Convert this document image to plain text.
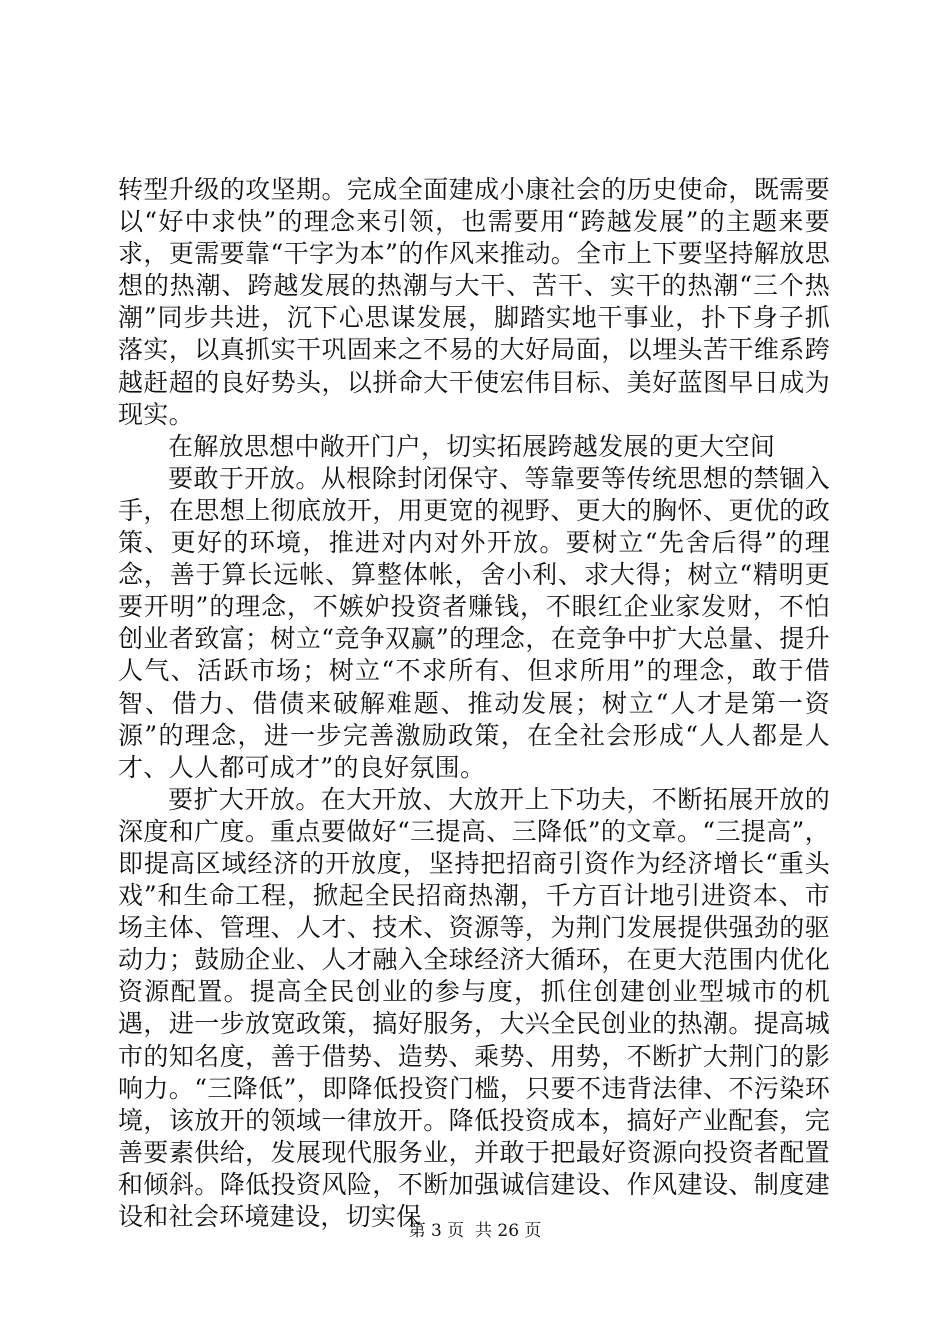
转型升级的攻坚期。完成全面建成小康社会的历史使命，既需要以“好中求快”的理念来引领，也需要用“跨越发展”的主题来要求，更需要靠“干字为本”的作风来推动。全市上下要坚持解放思想的热潮、跨越发展的热潮与大干、苦干、实干的热潮“三个热潮”同步共进，沉下心思谋发展，脚踏实地干事业，扑下身子抓落实，以真抓实干巩固来之不易的大好局面，以埋头苦干维系跨越赶超的良好势头，以拼命大干使宏伟目标、美好蓝图早日成为现实。

在解放思想中敞开门户，切实拓展跨越发展的更大空间

要敢于开放。从根除封闭保守、等靠要等传统思想的禁锢入手，在思想上彻底放开，用更宽的视野、更大的胸怀、更优的政策、更好的环境，推进对内对外开放。要树立“先舍后得”的理念，善于算长远帐、算整体帐，舍小利、求大得；树立“精明更要开明”的理念，不嫉妒投资者赚钱，不眼红企业家发财，不怕创业者致富；树立“竞争双赢”的理念，在竞争中扩大总量、提升人气、活跃市场；树立“不求所有、但求所用”的理念，敢于借智、借力、借债来破解难题、推动发展；树立“人才是第一资源”的理念，进一步完善激励政策，在全社会形成“人人都是人才、人人都可成才”的良好氛围。

要扩大开放。在大开放、大放开上下功夫，不断拓展开放的深度和广度。重点要做好“三提高、三降低”的文章。“三提高”，即提高区域经济的开放度，坚持把招商引资作为经济增长“重头戏”和生命工程，掀起全民招商热潮，千方百计地引进资本、市场主体、管理、人才、技术、资源等，为荆门发展提供强劲的驱动力；鼓励企业、人才融入全球经济大循环，在更大范围内优化资源配置。提高全民创业的参与度，抓住创建创业型城市的机遇，进一步放宽政策，搞好服务，大兴全民创业的热潮。提高城市的知名度，善于借势、造势、乘势、用势，不断扩大荆门的影响力。“三降低”，即降低投资门槛，只要不违背法律、不污染环境，该放开的领域一律放开。降低投资成本，搞好产业配套，完善要素供给，发展现代服务业，并敢于把最好资源向投资者配置和倾斜。降低投资风险，不断加强诚信建设、作风建设、制度建设和社会环境建设，切实保

第 3 页  共 26 页
